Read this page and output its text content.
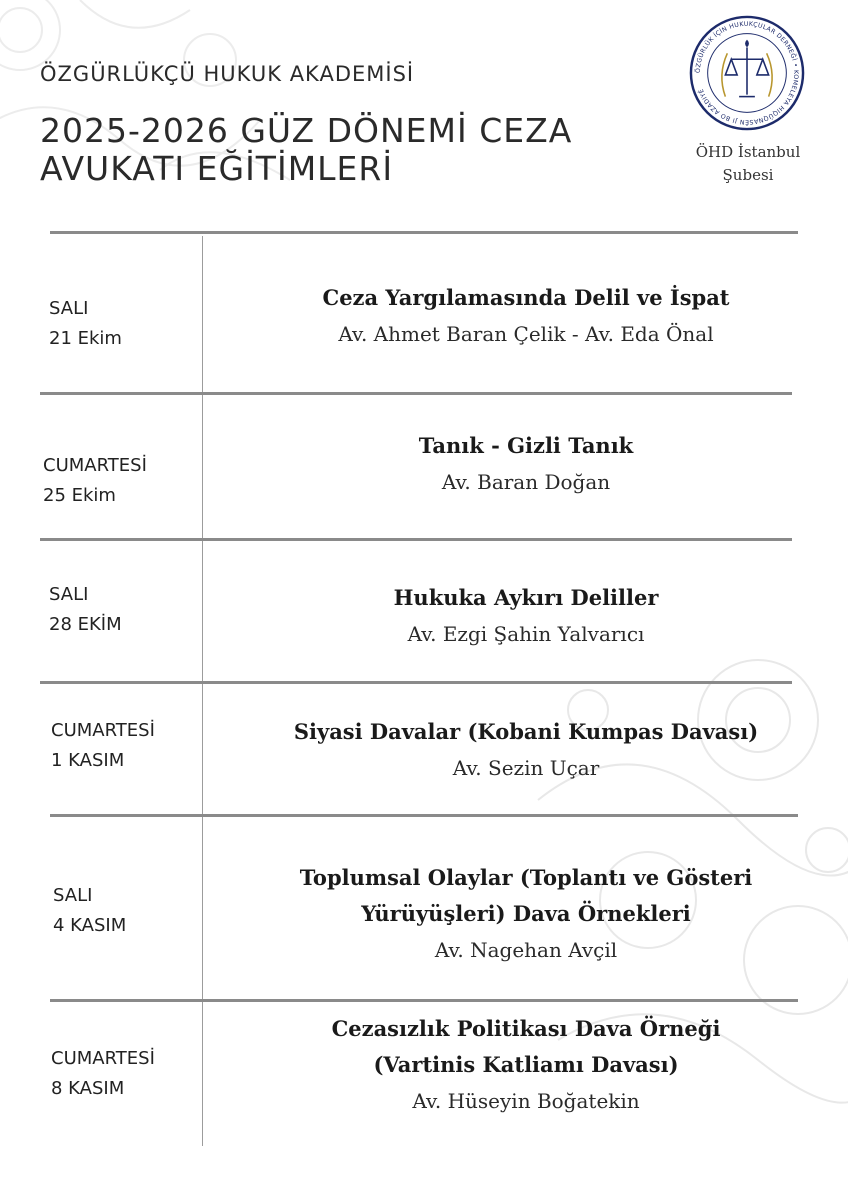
ÖZGÜRLÜKÇÜ HUKUK AKADEMİSİ
2025-2026 GÜZ DÖNEMİ CEZA
AVUKATI EĞİTİMLERİ
ÖZGÜRLÜK İÇİN HUKUKÇULAR DERNEĞİ • KOMELEYA HIQÛQNASÊN JI BO AZADIYÊ
ÖHD İstanbul
Şubesi
SALI
21 Ekim
Ceza Yargılamasında Delil ve İspat
Av. Ahmet Baran Çelik - Av. Eda Önal
CUMARTESİ
25 Ekim
Tanık - Gizli Tanık
Av. Baran Doğan
SALI
28 EKİM
Hukuka Aykırı Deliller
Av. Ezgi Şahin Yalvarıcı
CUMARTESİ
1 KASIM
Siyasi Davalar (Kobani Kumpas Davası)
Av. Sezin Uçar
SALI
4 KASIM
Toplumsal Olaylar (Toplantı ve Gösteri
Yürüyüşleri) Dava Örnekleri
Av. Nagehan Avçil
CUMARTESİ
8 KASIM
Cezasızlık Politikası Dava Örneği
(Vartinis Katliamı Davası)
Av. Hüseyin Boğatekin
